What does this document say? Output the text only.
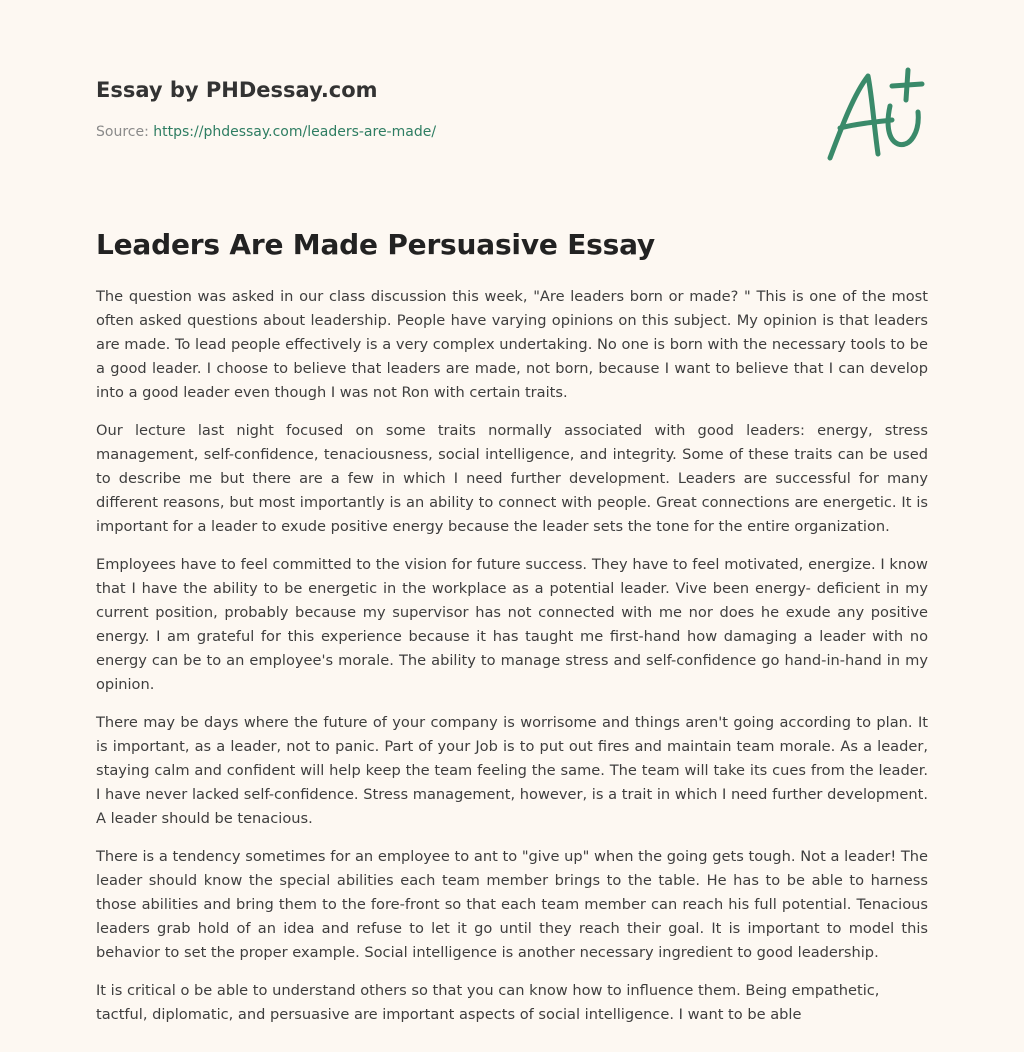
Essay by PHDessay.com
Source: https://phdessay.com/leaders-are-made/
Leaders Are Made Persuasive Essay

The question was asked in our class discussion this week, "Are leaders born or made? " This is one of the most often asked questions about leadership. People have varying opinions on this subject. My opinion is that leaders are made. To lead people effectively is a very complex undertaking. No one is born with the necessary tools to be a good leader. I choose to believe that leaders are made, not born, because I want to believe that I can develop into a good leader even though I was not Ron with certain traits.

Our lecture last night focused on some traits normally associated with good leaders: energy, stress management, self-confidence, tenaciousness, social intelligence, and integrity. Some of these traits can be used to describe me but there are a few in which I need further development. Leaders are successful for many different reasons, but most importantly is an ability to connect with people. Great connections are energetic. It is important for a leader to exude positive energy because the leader sets the tone for the entire organization.

Employees have to feel committed to the vision for future success. They have to feel motivated, energize. I know that I have the ability to be energetic in the workplace as a potential leader. Vive been energy- deficient in my current position, probably because my supervisor has not connected with me nor does he exude any positive energy. I am grateful for this experience because it has taught me first-hand how damaging a leader with no energy can be to an employee's morale. The ability to manage stress and self-confidence go hand-in-hand in my opinion.

There may be days where the future of your company is worrisome and things aren't going according to plan. It is important, as a leader, not to panic. Part of your Job is to put out fires and maintain team morale. As a leader, staying calm and confident will help keep the team feeling the same. The team will take its cues from the leader. I have never lacked self-confidence. Stress management, however, is a trait in which I need further development. A leader should be tenacious.

There is a tendency sometimes for an employee to ant to "give up" when the going gets tough. Not a leader! The leader should know the special abilities each team member brings to the table. He has to be able to harness those abilities and bring them to the fore-front so that each team member can reach his full potential. Tenacious leaders grab hold of an idea and refuse to let it go until they reach their goal. It is important to model this behavior to set the proper example. Social intelligence is another necessary ingredient to good leadership.

It is critical o be able to understand others so that you can know how to influence them. Being empathetic, tactful, diplomatic, and persuasive are important aspects of social intelligence. I want to be able
